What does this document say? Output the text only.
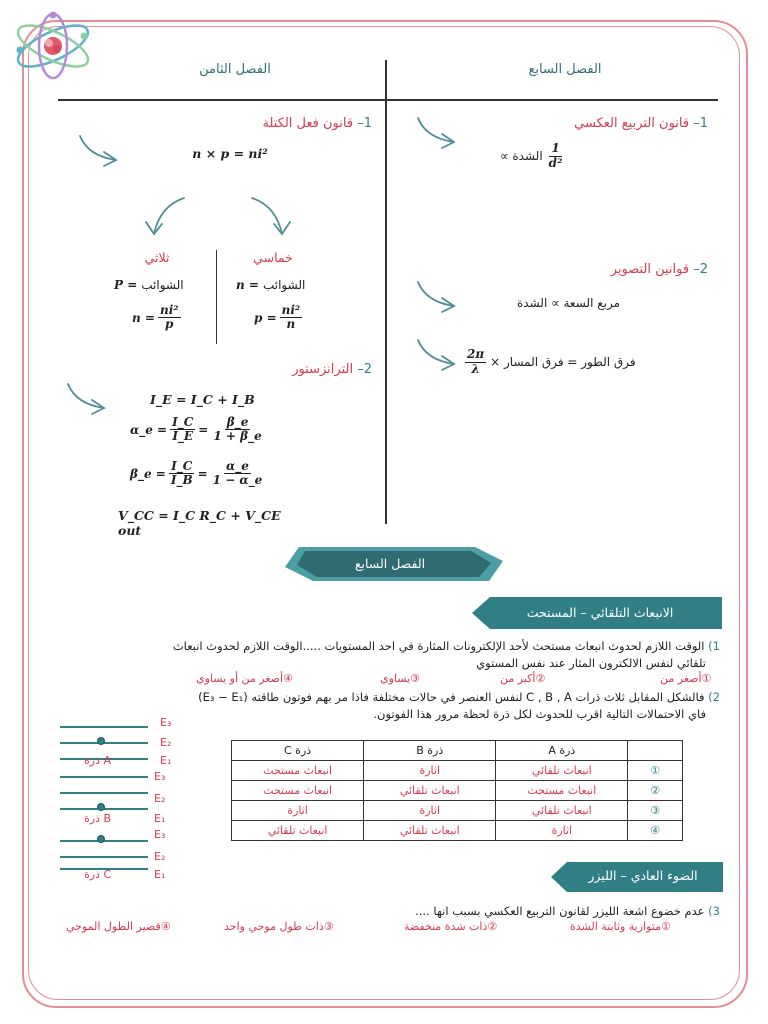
الفصل السابع
الفصل الثامن
1– قانون التربيع العكسي
الشدة ∝ $\frac{1}{\text{d²}}$
2– قوانين التصوير
مربع السعة ∝ الشدة
$\frac{2\pi}{\lambda}$ فرق الطور = فرق المسار ×
1– قانون فعل الكتلة
n × p = ni²
خماسي
ثلاثي
n = الشوائب
$p = \frac{\text{ni²}}{n}$
P = الشوائب
$n = \frac{\text{ni²}}{p}$
2– الترانزستور
I_E = I_C + I_B
α_e = $\frac{I\_C}{I\_E} = \frac{\beta\_e}{1 + \beta\_e}$
β_e = $\frac{I\_C}{I\_B} = \frac{\alpha\_e}{1 - \alpha\_e}$
V_CC = I_C R_C + V_CE out
الفصل السابع
الانبعاث التلقائي – المستحث
1) الوقت اللازم لحدوث انبعاث مستحث لأحد الإلكترونات المثارة في احد المستويات .....الوقت اللازم لحدوث انبعاث
تلقائي لنفس الالكترون المثار عند نفس المستوي
①أصغر من
②أكبر من
③يساوي
④أصغر من أو يساوي
2) فالشكل المقابل ثلاث ذرات C , B , A لنفس العنصر في حالات مختلفة فاذا مر بهم فوتون طاقته (E₃ − E₁)
فاي الاحتمالات التالية اقرب للحدوث لكل ذرة لحظة مرور هذا الفوتون.
E₃
E₂
E₁
ذرة A
E₃
E₂
E₁
ذرة B
E₃
E₂
E₁
ذرة C
	ذرة A	ذرة B	ذرة C
①	انبعاث تلقائي	اثارة	انبعاث مستحث
②	انبعاث مستحث	انبعاث تلقائي	انبعاث مستحث
③	انبعاث تلقائي	اثارة	اثارة
④	اثارة	انبعاث تلقائي	انبعاث تلقائي
الضوء العادي – الليزر
3) عدم خضوع اشعة الليزر لقانون التربيع العكسي بسبب انها ....
①متوازية وثابتة الشدة
②ذات شدة منخفضة
③ذات طول موجي واحد
④قصير الطول الموجي
